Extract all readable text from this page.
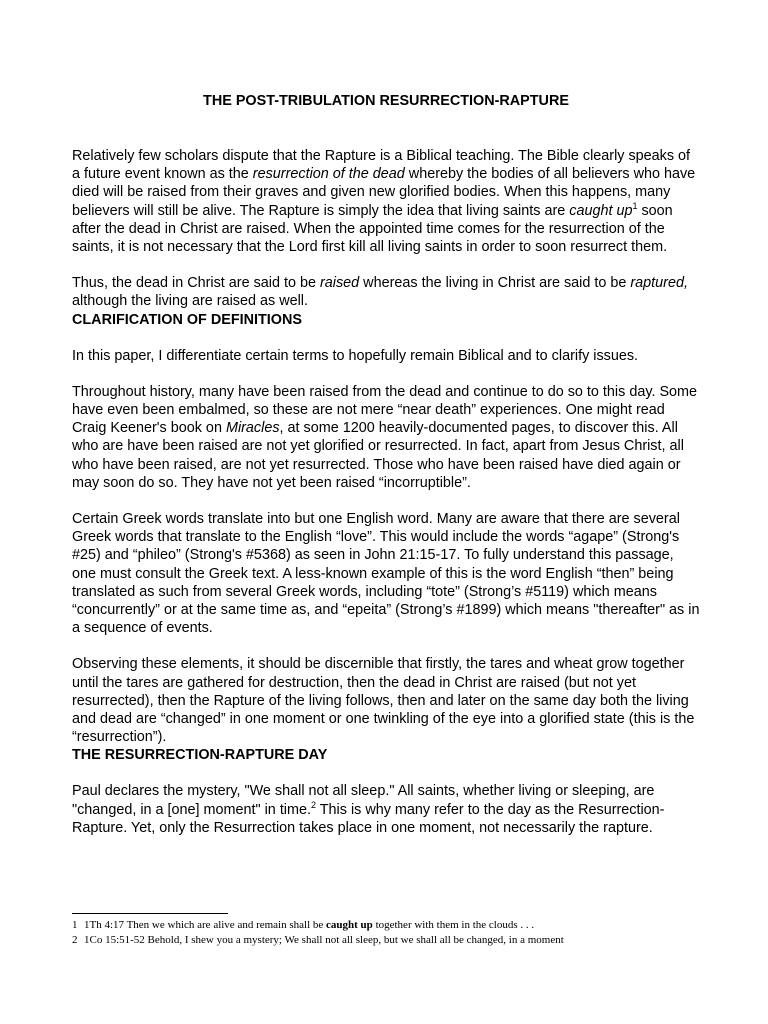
THE POST-TRIBULATION RESURRECTION-RAPTURE

Relatively few scholars dispute that the Rapture is a Biblical teaching. The Bible clearly speaks of a future event known as the resurrection of the dead whereby the bodies of all believers who have died will be raised from their graves and given new glorified bodies. When this happens, many believers will still be alive. The Rapture is simply the idea that living saints are caught $up^1$ soon after the dead in Christ are raised. When the appointed time comes for the resurrection of the saints, it is not necessary that the Lord first kill all living saints in order to soon resurrect them.

Thus, the dead in Christ are said to be raised whereas the living in Christ are said to be raptured, although the living are raised as well.

CLARIFICATION OF DEFINITIONS

In this paper, I differentiate certain terms to hopefully remain Biblical and to clarify issues.

Throughout history, many have been raised from the dead and continue to do so to this day. Some have even been embalmed, so these are not mere “near death” experiences. One might read Craig Keener's book on Miracles, at some 1200 heavily-documented pages, to discover this. All who are have been raised are not yet glorified or resurrected. In fact, apart from Jesus Christ, all who have been raised, are not yet resurrected. Those who have been raised have died again or may soon do so. They have not yet been raised “incorruptible”.

Certain Greek words translate into but one English word. Many are aware that there are several Greek words that translate to the English “love”. This would include the words “agape” (Strong's #25) and “phileo” (Strong's #5368) as seen in John 21:15-17. To fully understand this passage, one must consult the Greek text. A less-known example of this is the word English “then” being translated as such from several Greek words, including “tote” (Strong’s #5119) which means “concurrently” or at the same time as, and “epeita” (Strong’s #1899) which means "thereafter" as in a sequence of events.

Observing these elements, it should be discernible that firstly, the tares and wheat grow together until the tares are gathered for destruction, then the dead in Christ are raised (but not yet resurrected), then the Rapture of the living follows, then and later on the same day both the living and dead are “changed” in one moment or one twinkling of the eye into a glorified state (this is the “resurrection”).

THE RESURRECTION-RAPTURE DAY

Paul declares the mystery, "We shall not all sleep." All saints, whether living or sleeping, are "changed, in a [one] moment" in time.$^2$ This is why many refer to the day as the Resurrection-Rapture. Yet, only the Resurrection takes place in one moment, not necessarily the rapture.

1 1Th 4:17 Then we which are alive and remain shall be caught up together with them in the clouds . . .
2 1Co 15:51-52 Behold, I shew you a mystery; We shall not all sleep, but we shall all be changed, in a moment
